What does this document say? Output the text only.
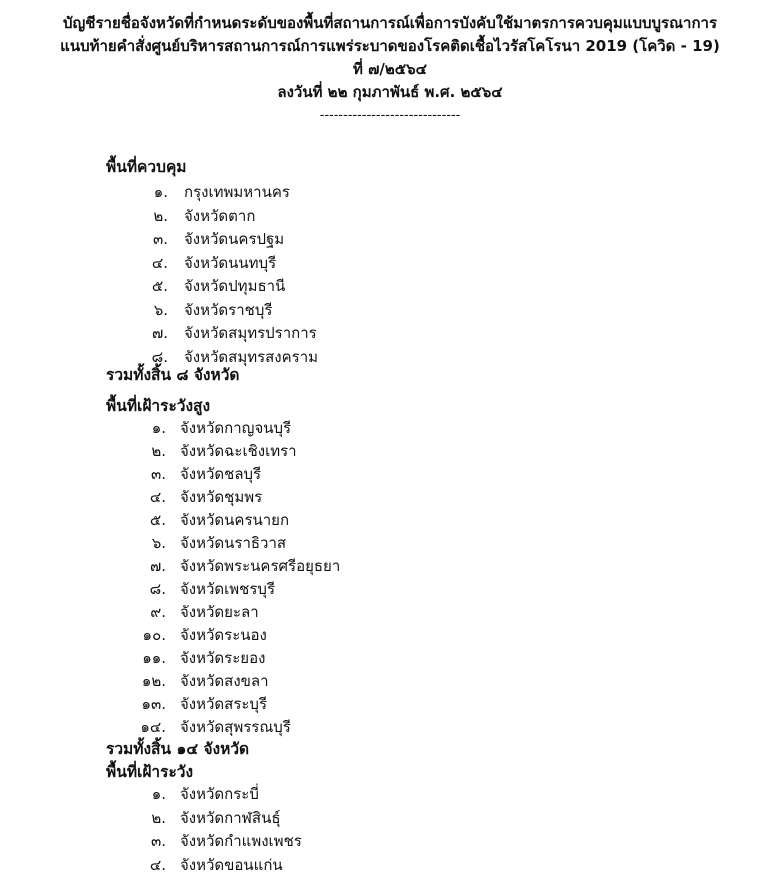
บัญชีรายชื่อจังหวัดที่กำหนดระดับของพื้นที่สถานการณ์เพื่อการบังคับใช้มาตรการควบคุมแบบบูรณาการ
แนบท้ายคำสั่งศูนย์บริหารสถานการณ์การแพร่ระบาดของโรคติดเชื้อไวรัสโคโรนา 2019 (โควิด - 19)
ที่ ๗/๒๕๖๔
ลงวันที่ ๒๒ กุมภาพันธ์ พ.ศ. ๒๕๖๔
------------------------------
พื้นที่ควบคุม
๑. กรุงเทพมหานคร
๒. จังหวัดตาก
๓. จังหวัดนครปฐม
๔. จังหวัดนนทบุรี
๕. จังหวัดปทุมธานี
๖. จังหวัดราชบุรี
๗. จังหวัดสมุทรปราการ
๘. จังหวัดสมุทรสงคราม
รวมทั้งสิ้น ๘ จังหวัด
พื้นที่เฝ้าระวังสูง
๑. จังหวัดกาญจนบุรี
๒. จังหวัดฉะเชิงเทรา
๓. จังหวัดชลบุรี
๔. จังหวัดชุมพร
๕. จังหวัดนครนายก
๖. จังหวัดนราธิวาส
๗. จังหวัดพระนครศรีอยุธยา
๘. จังหวัดเพชรบุรี
๙. จังหวัดยะลา
๑๐. จังหวัดระนอง
๑๑. จังหวัดระยอง
๑๒. จังหวัดสงขลา
๑๓. จังหวัดสระบุรี
๑๔. จังหวัดสุพรรณบุรี
รวมทั้งสิ้น ๑๔ จังหวัด
พื้นที่เฝ้าระวัง
๑. จังหวัดกระบี่
๒. จังหวัดกาฬสินธุ์
๓. จังหวัดกำแพงเพชร
๔. จังหวัดขอนแก่น
